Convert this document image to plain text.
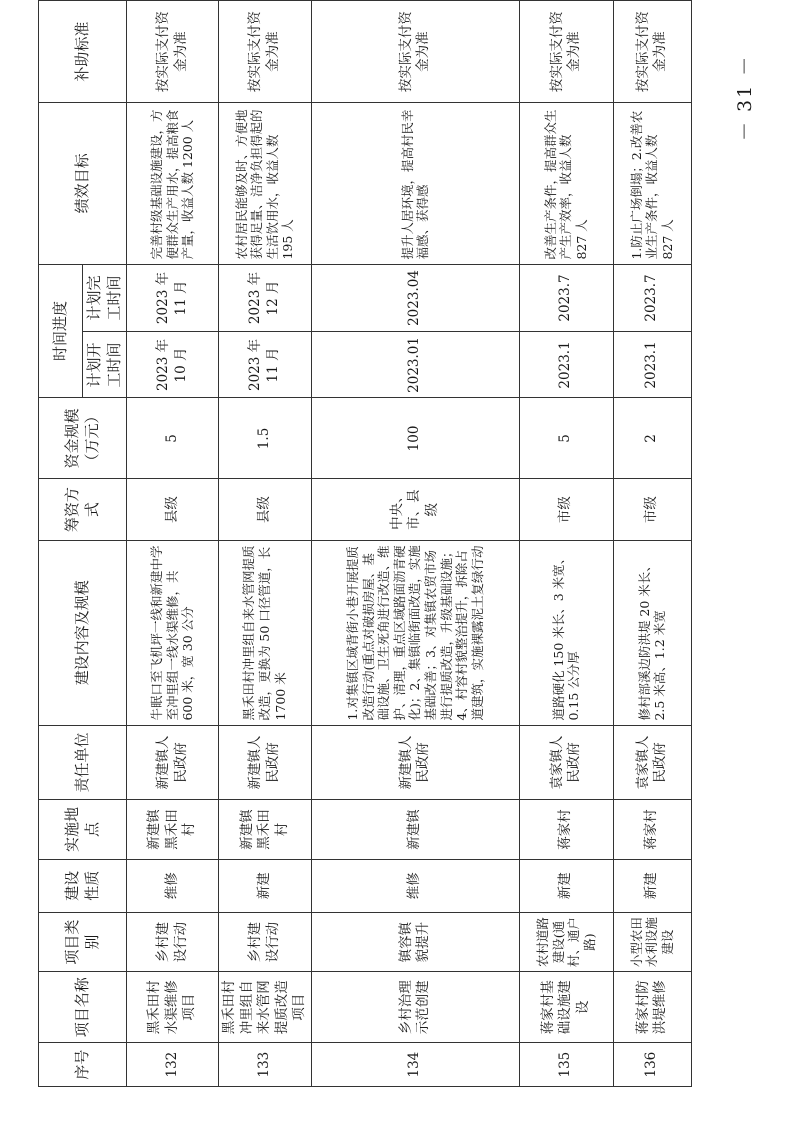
序号	项目名称	项目类别	建设性质	实施地点	责任单位	建设内容及规模	筹资方式	资金规模（万元）	时间进度		绩效目标	补助标准
									计划开工时间	计划完工时间		
132	黑禾田村水渠维修项目	乡村建设行动	维修	新建镇黑禾田村	新建镇人民政府	牛眠口至飞机坪一线和新建中学至冲里组一线水渠维修，共 600 米，宽 30 公分	县级	5	2023 年 10 月	2023 年 11 月	完善村级基础设施建设，方便群众生产用水，提高粮食产量，收益人数 1200 人	按实际支付资金为准
133	黑禾田村冲里组自来水管网提质改造项目	乡村建设行动	新建	新建镇黑禾田村	新建镇人民政府	黑禾田村冲里组自来水管网提质改造，更换为 50 口径管道，长 1700 米	县级	1.5	2023 年 11 月	2023 年 12 月	农村居民能够及时、方便地获得足量、洁净负担得起的生活饮用水，收益人数 195 人	按实际支付资金为准
134	乡村治理示范创建	镇容镇貌提升	维修	新建镇	新建镇人民政府	1.对集镇区域背街小巷开展提质改造行动(重点对破损房屋、基础设施、卫生死角进行改造、维护、清理，重点区域路面沥青硬化)；2、集镇临街面改造，实施基础改善；3、对集镇农贸市场进行提质改造，升级基础设施；4、村容村貌整治提升，拆除占道建筑，实施裸露泥土复绿行动	中央、市、县级	100	2023.01	2023.04	提升人居环境，提高村民幸福感、获得感	按实际支付资金为准
135	蒋家村基础设施建设	农村道路建设(通村、通户路)	新建	蒋家村	袁家镇人民政府	道路硬化 150 米长、3 米宽、0.15 公分厚	市级	5	2023.1	2023.7	改善生产条件，提高群众生产生产效率，收益人数 827 人	按实际支付资金为准
136	蒋家村防洪堤维修	小型农田水利设施建设	新建	蒋家村	袁家镇人民政府	修村部溪边防洪堤 20 米长、2.5 米高、1.2 米宽	市级	2	2023.1	2023.7	1.防止广场倒塌；2.改善农业生产条件，收益人数 827 人	按实际支付资金为准
－ 31 －
